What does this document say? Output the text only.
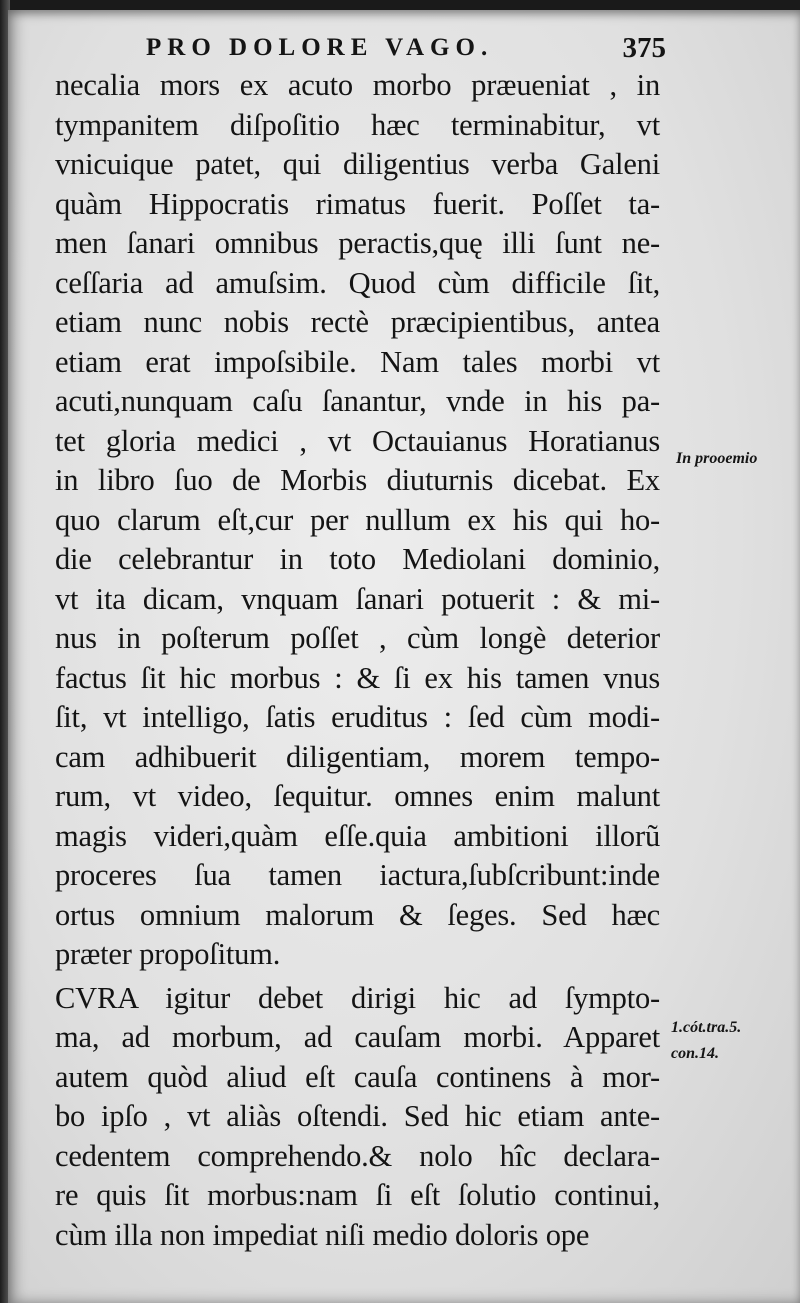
PRO DOLORE VAGO.	375
necalia mors ex acuto morbo præueniat , in
tympanitem diſpoſitio hæc terminabitur, vt
vnicuique patet, qui diligentius verba Galeni
quàm Hippocratis rimatus fuerit. Poſſet ta-
men ſanari omnibus peractis,quę illi ſunt ne-
ceſſaria ad amuſsim. Quod cùm difficile ſit,
etiam nunc nobis rectè præcipientibus, antea
etiam erat impoſsibile. Nam tales morbi vt
acuti,nunquam caſu ſanantur, vnde in his pa-
tet gloria medici , vt Octauianus Horatianus
in libro ſuo de Morbis diuturnis dicebat. Ex
quo clarum eſt,cur per nullum ex his qui ho-
die celebrantur in toto Mediolani dominio,
vt ita dicam, vnquam ſanari potuerit : & mi-
nus in poſterum poſſet , cùm longè deterior
factus ſit hic morbus : & ſi ex his tamen vnus
ſit, vt intelligo, ſatis eruditus : ſed cùm modi-
cam adhibuerit diligentiam, morem tempo-
rum, vt video, ſequitur. omnes enim malunt
magis videri,quàm eſſe.quia ambitioni illorũ
proceres ſua tamen iactura,ſubſcribunt:inde
ortus omnium malorum & ſeges. Sed hæc
præter propoſitum.
CVRA igitur debet dirigi hic ad ſympto-
ma, ad morbum, ad cauſam morbi. Apparet
autem quòd aliud eſt cauſa continens à mor-
bo ipſo , vt aliàs oſtendi. Sed hic etiam ante-
cedentem comprehendo.& nolo hîc declara-
re quis ſit morbus:nam ſi eſt ſolutio continui,
cùm illa non impediat niſi medio doloris ope
In prooemio
1.cót.tra.5.
con.14.
